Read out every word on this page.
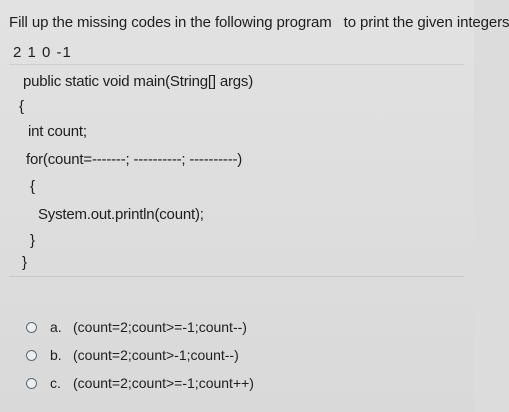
Fill up the missing codes in the following program to print the given integers
2 1 0 -1
public static void main(String[] args)
{
int count;
for(count=-------; ----------; ----------)
{
System.out.println(count);
}
}
a. (count=2;count>=-1;count--)
b. (count=2;count>-1;count--)
c. (count=2;count>=-1;count++)
